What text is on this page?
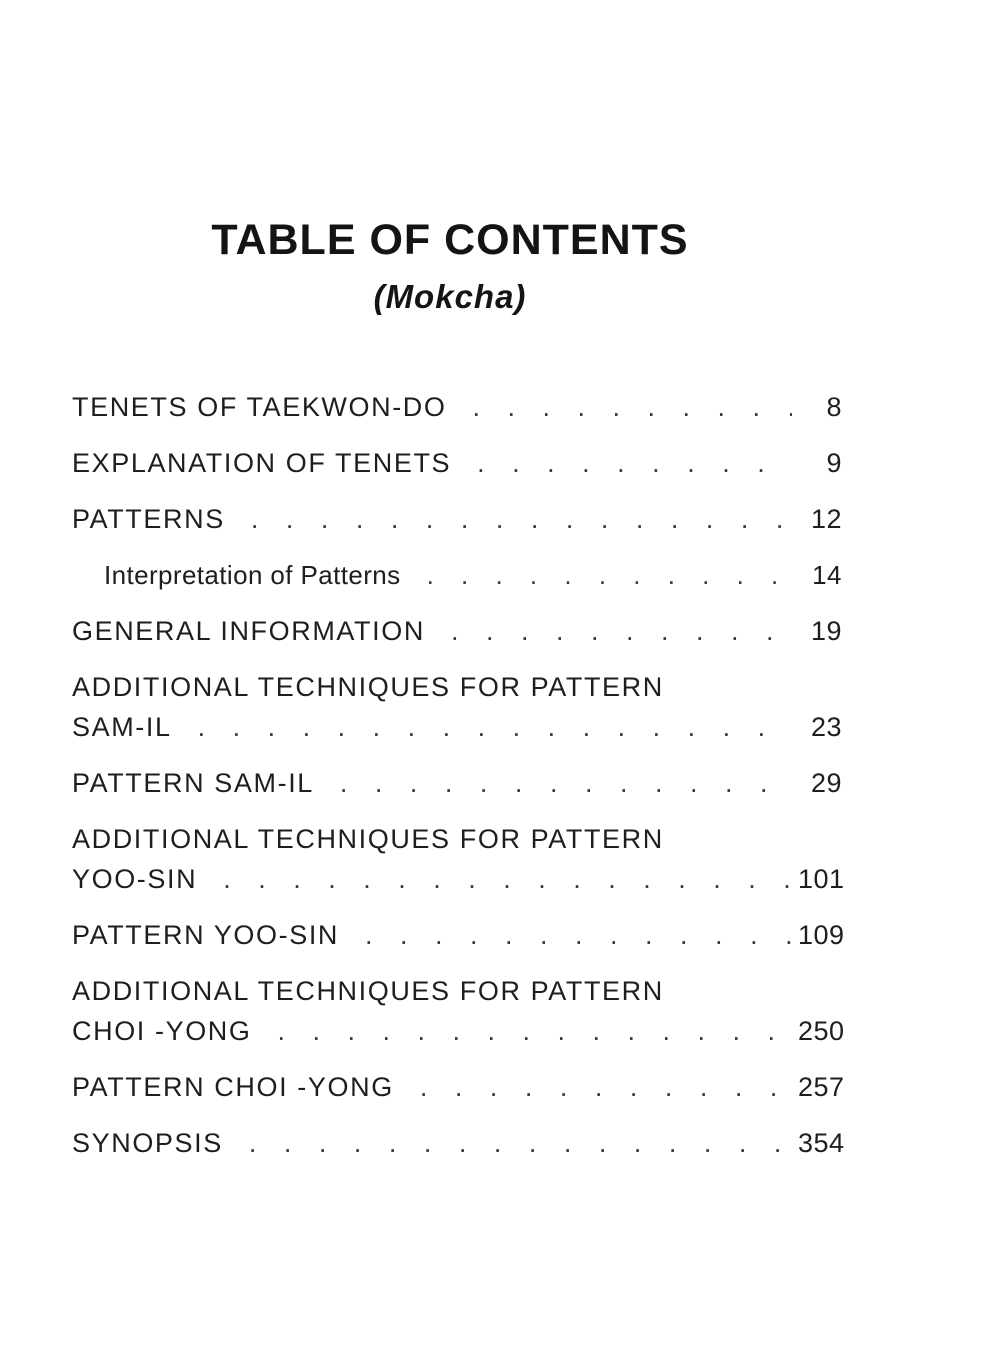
TABLE OF CONTENTS
(Mokcha)
TENETS OF TAEKWON-DO . . .	8
EXPLANATION OF TENETS . . .	9
PATTERNS . . .	12
Interpretation of Patterns . . .	14
GENERAL INFORMATION . . .	19
ADDITIONAL TECHNIQUES FOR PATTERN
SAM-IL . . .	23
PATTERN SAM-IL . . .	29
ADDITIONAL TECHNIQUES FOR PATTERN
YOO-SIN . . .	101
PATTERN YOO-SIN . . .	109
ADDITIONAL TECHNIQUES FOR PATTERN
CHOI -YONG . . .	250
PATTERN CHOI -YONG . . .	257
SYNOPSIS . . .	354
